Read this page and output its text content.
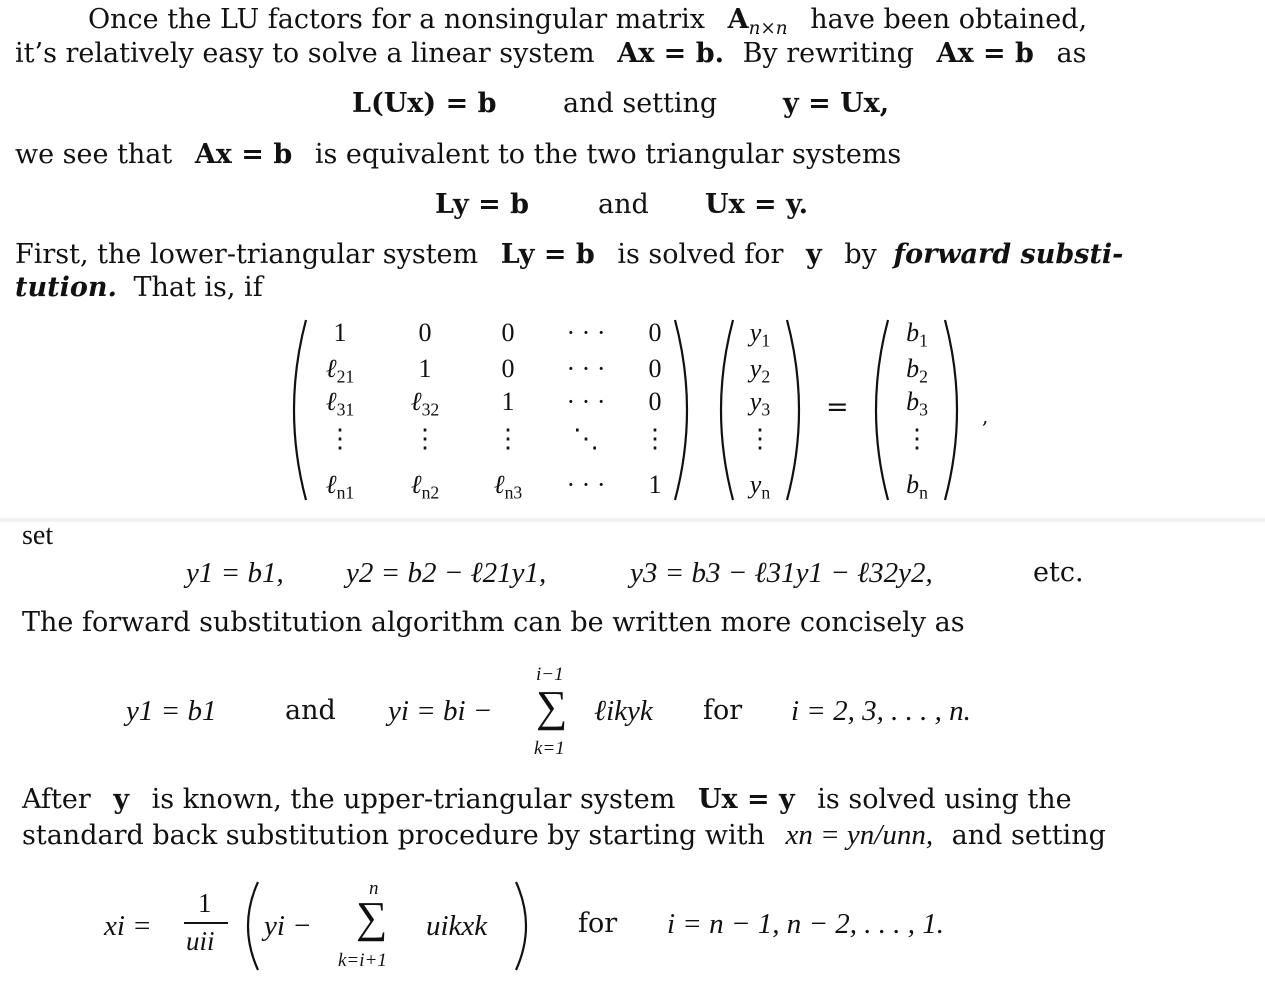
Once the LU factors for a nonsingular matrix $A_{n\times n}$ have been obtained,
it’s relatively easy to solve a linear system Ax = b. By rewriting Ax = b as
L(Ux) = b and setting y = Ux,
we see that Ax = b is equivalent to the two triangular systems
Ly = b	and Ux = y.
First, the lower-triangular system Ly = b is solved for y by forward substi-
tution. That is, if
1	0	0	· · ·	0
ℓ$_{21}$	1	0	· · ·	0
ℓ$_{31}$	ℓ$_{32}$	1	· · ·	0
⋮	⋮	⋮	⋱	⋮
ℓ$_{n1}$	ℓ$_{n2}$	ℓ$_{n3}$	· · ·	1
$y_1$
$y_2$
$y_3$
⋮
$y_n$
$b_1$
$b_2$
$b_3$
⋮
$b_n$
=	,
set
y1 = b1, y2 = b2 − ℓ21y1,	y3 = b3 − ℓ31y1 − ℓ32y2,	etc.
The forward substitution algorithm can be written more concisely as
y1 = b1	and yi = bi −
i−1
∑
k=1
ℓikyk for i = 2, 3, . . . , n.
After y is known, the upper-triangular system Ux = y is solved using the
standard back substitution procedure by starting with xn = yn/unn, and setting
xi =
1
uii yi −
n
∑
k=i+1
uikxk	for i = n − 1, n − 2, . . . , 1.
